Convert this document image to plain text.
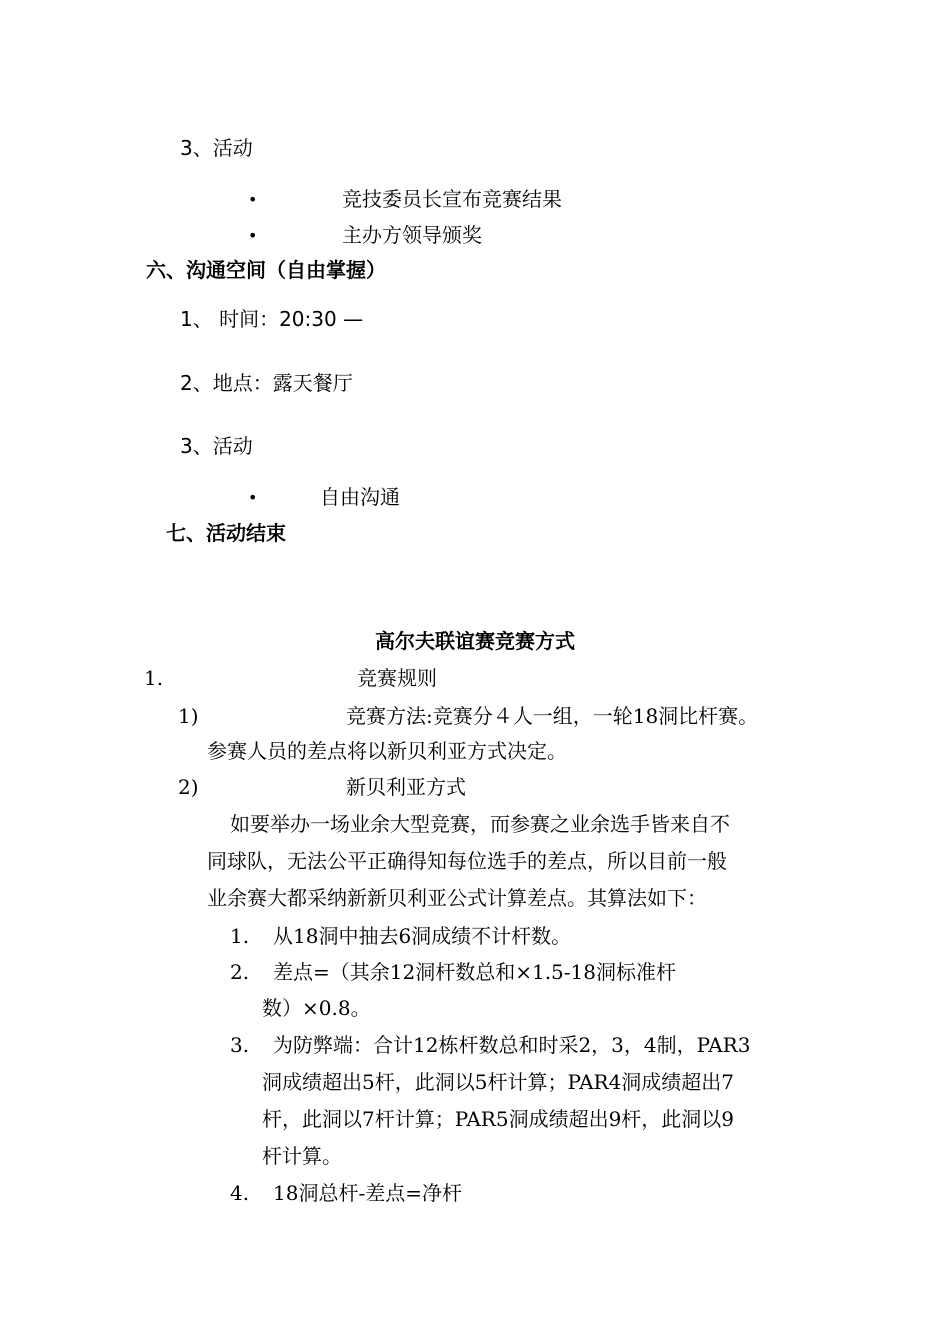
3、活动
•	竞技委员长宣布竞赛结果
•	主办方领导颁奖
六、沟通空间（自由掌握）
1、 时间：20:30 —
2、地点：露天餐厅
3、活动
•	自由沟通
七、活动结束
高尔夫联谊赛竞赛方式
1.	竞赛规则
1)	竞赛方法:竞赛分４人一组，一轮18洞比杆赛。
参赛人员的差点将以新贝利亚方式决定。
2)	新贝利亚方式
如要举办一场业余大型竞赛，而参赛之业余选手皆来自不
同球队，无法公平正确得知每位选手的差点，所以目前一般
业余赛大都采纳新新贝利亚公式计算差点。其算法如下：
1. 从18洞中抽去6洞成绩不计杆数。
2. 差点=（其余12洞杆数总和×1.5-18洞标准杆
数）×0.8。
3. 为防弊端：合计12栋杆数总和时采2，3，4制，PAR3
洞成绩超出5杆，此洞以5杆计算；PAR4洞成绩超出7
杆，此洞以7杆计算；PAR5洞成绩超出9杆，此洞以9
杆计算。
4. 18洞总杆-差点=净杆
